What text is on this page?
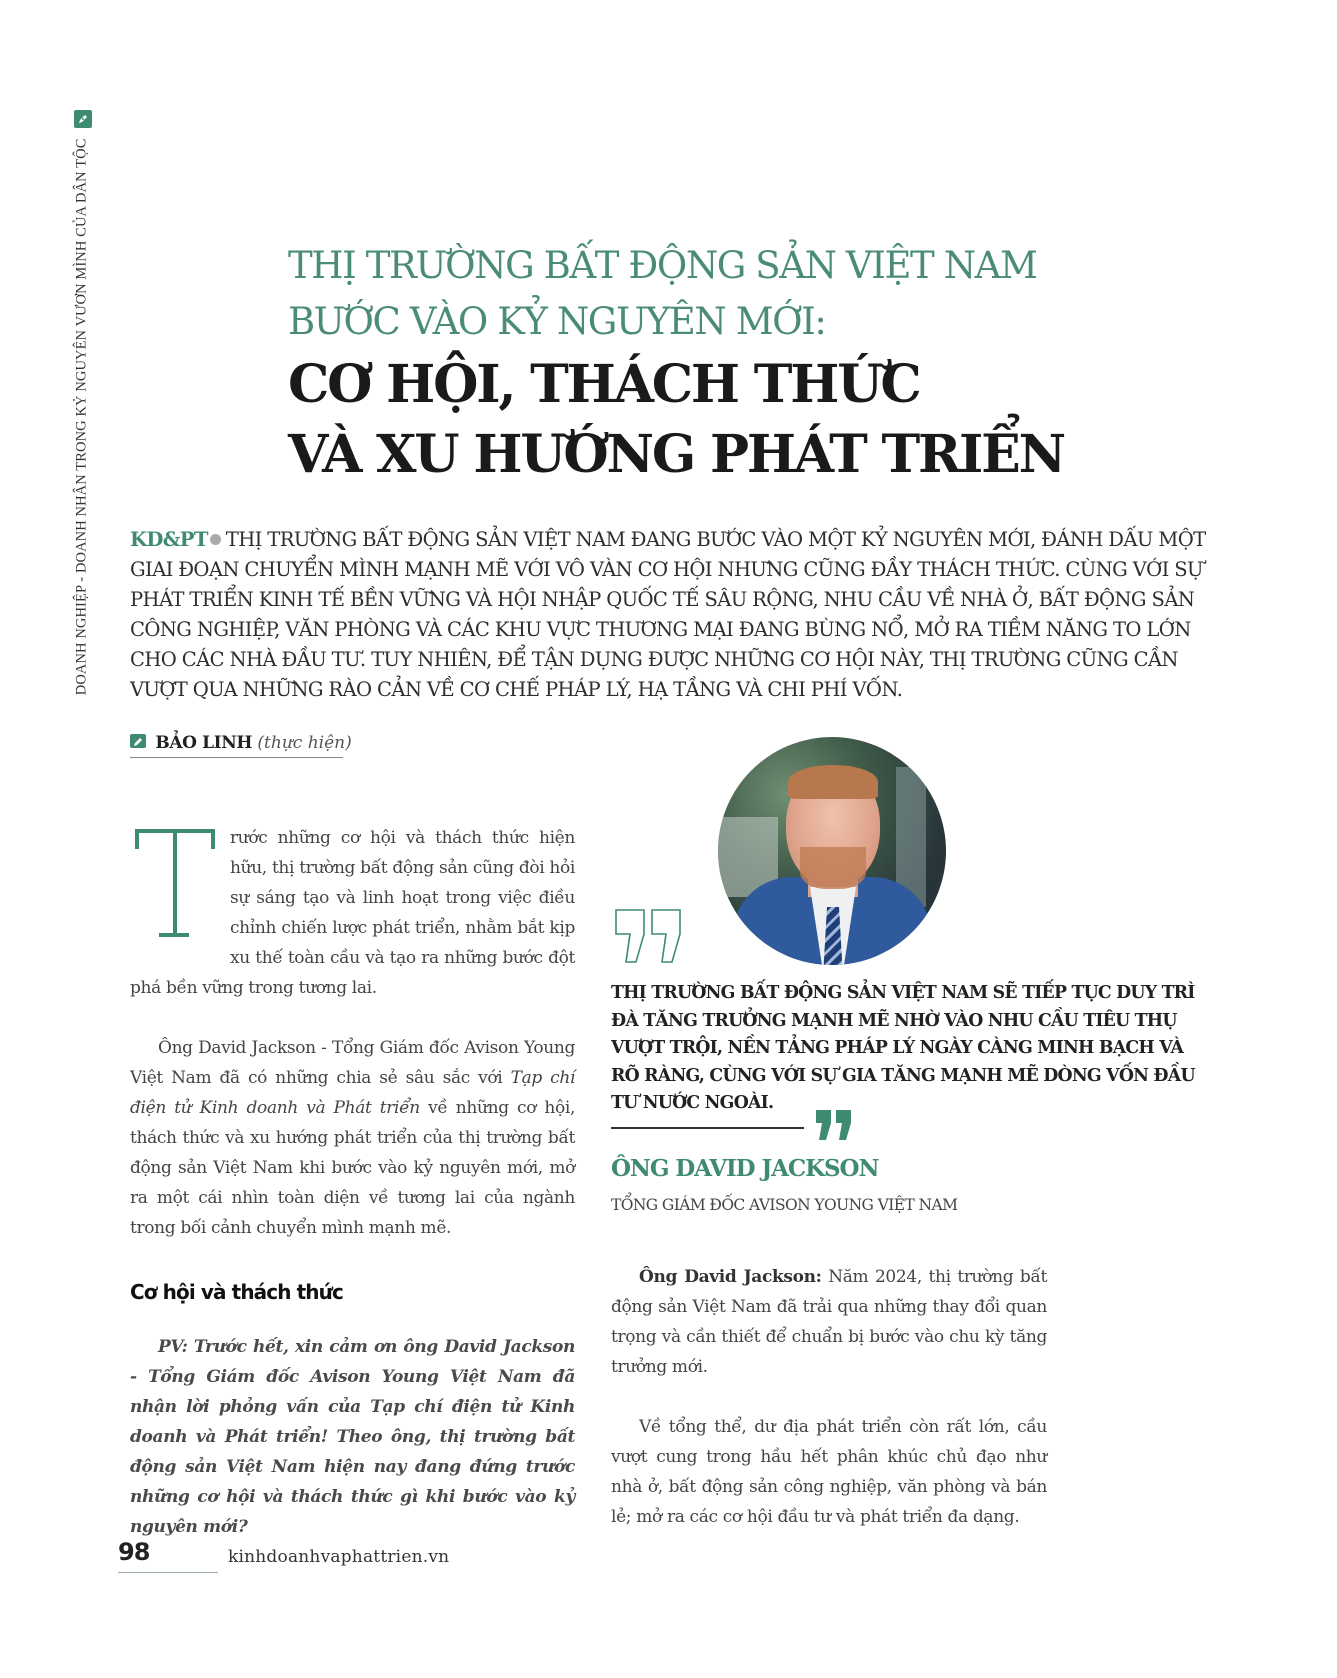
DOANH NGHIỆP - DOANH NHÂN TRONG KỶ NGUYÊN VƯƠN MÌNH CỦA DÂN TỘC	THỊ TRƯỜNG BẤT ĐỘNG SẢN VIỆT NAM
BƯỚC VÀO KỶ NGUYÊN MỚI:
CƠ HỘI, THÁCH THỨC
VÀ XU HƯỚNG PHÁT TRIỂN
KD&PT THỊ TRƯỜNG BẤT ĐỘNG SẢN VIỆT NAM ĐANG BƯỚC VÀO MỘT KỶ NGUYÊN MỚI, ĐÁNH DẤU MỘT GIAI ĐOẠN CHUYỂN MÌNH MẠNH MẼ VỚI VÔ VÀN CƠ HỘI NHƯNG CŨNG ĐẦY THÁCH THỨC. CÙNG VỚI SỰ PHÁT TRIỂN KINH TẾ BỀN VỮNG VÀ HỘI NHẬP QUỐC TẾ SÂU RỘNG, NHU CẦU VỀ NHÀ Ở, BẤT ĐỘNG SẢN CÔNG NGHIỆP, VĂN PHÒNG VÀ CÁC KHU VỰC THƯƠNG MẠI ĐANG BÙNG NỔ, MỞ RA TIỀM NĂNG TO LỚN CHO CÁC NHÀ ĐẦU TƯ. TUY NHIÊN, ĐỂ TẬN DỤNG ĐƯỢC NHỮNG CƠ HỘI NÀY, THỊ TRƯỜNG CŨNG CẦN VƯỢT QUA NHỮNG RÀO CẢN VỀ CƠ CHẾ PHÁP LÝ, HẠ TẦNG VÀ CHI PHÍ VỐN.
BẢO LINH (thực hiện)

rước những cơ hội và thách thức hiện hữu, thị trường bất động sản cũng đòi hỏi sự sáng tạo và linh hoạt trong việc điều chỉnh chiến lược phát triển, nhằm bắt kịp xu thế toàn cầu và tạo ra những bước đột phá bền vững trong tương lai.

Ông David Jackson - Tổng Giám đốc Avison Young Việt Nam đã có những chia sẻ sâu sắc với Tạp chí điện tử Kinh doanh và Phát triển về những cơ hội, thách thức và xu hướng phát triển của thị trường bất động sản Việt Nam khi bước vào kỷ nguyên mới, mở ra một cái nhìn toàn diện về tương lai của ngành trong bối cảnh chuyển mình mạnh mẽ.

Cơ hội và thách thức

PV: Trước hết, xin cảm ơn ông David Jackson - Tổng Giám đốc Avison Young Việt Nam đã nhận lời phỏng vấn của Tạp chí điện tử Kinh doanh và Phát triển! Theo ông, thị trường bất động sản Việt Nam hiện nay đang đứng trước những cơ hội và thách thức gì khi bước vào kỷ nguyên mới?

THỊ TRƯỜNG BẤT ĐỘNG SẢN VIỆT NAM SẼ TIẾP TỤC DUY TRÌ ĐÀ TĂNG TRƯỞNG MẠNH MẼ NHỜ VÀO NHU CẦU TIÊU THỤ VƯỢT TRỘI, NỀN TẢNG PHÁP LÝ NGÀY CÀNG MINH BẠCH VÀ RÕ RÀNG, CÙNG VỚI SỰ GIA TĂNG MẠNH MẼ DÒNG VỐN ĐẦU TƯ NƯỚC NGOÀI.
ÔNG DAVID JACKSON
TỔNG GIÁM ĐỐC AVISON YOUNG VIỆT NAM

Ông David Jackson: Năm 2024, thị trường bất động sản Việt Nam đã trải qua những thay đổi quan trọng và cần thiết để chuẩn bị bước vào chu kỳ tăng trưởng mới.

Về tổng thể, dư địa phát triển còn rất lớn, cầu vượt cung trong hầu hết phân khúc chủ đạo như nhà ở, bất động sản công nghiệp, văn phòng và bán lẻ; mở ra các cơ hội đầu tư và phát triển đa dạng.

98	kinhdoanhvaphattrien.vn
